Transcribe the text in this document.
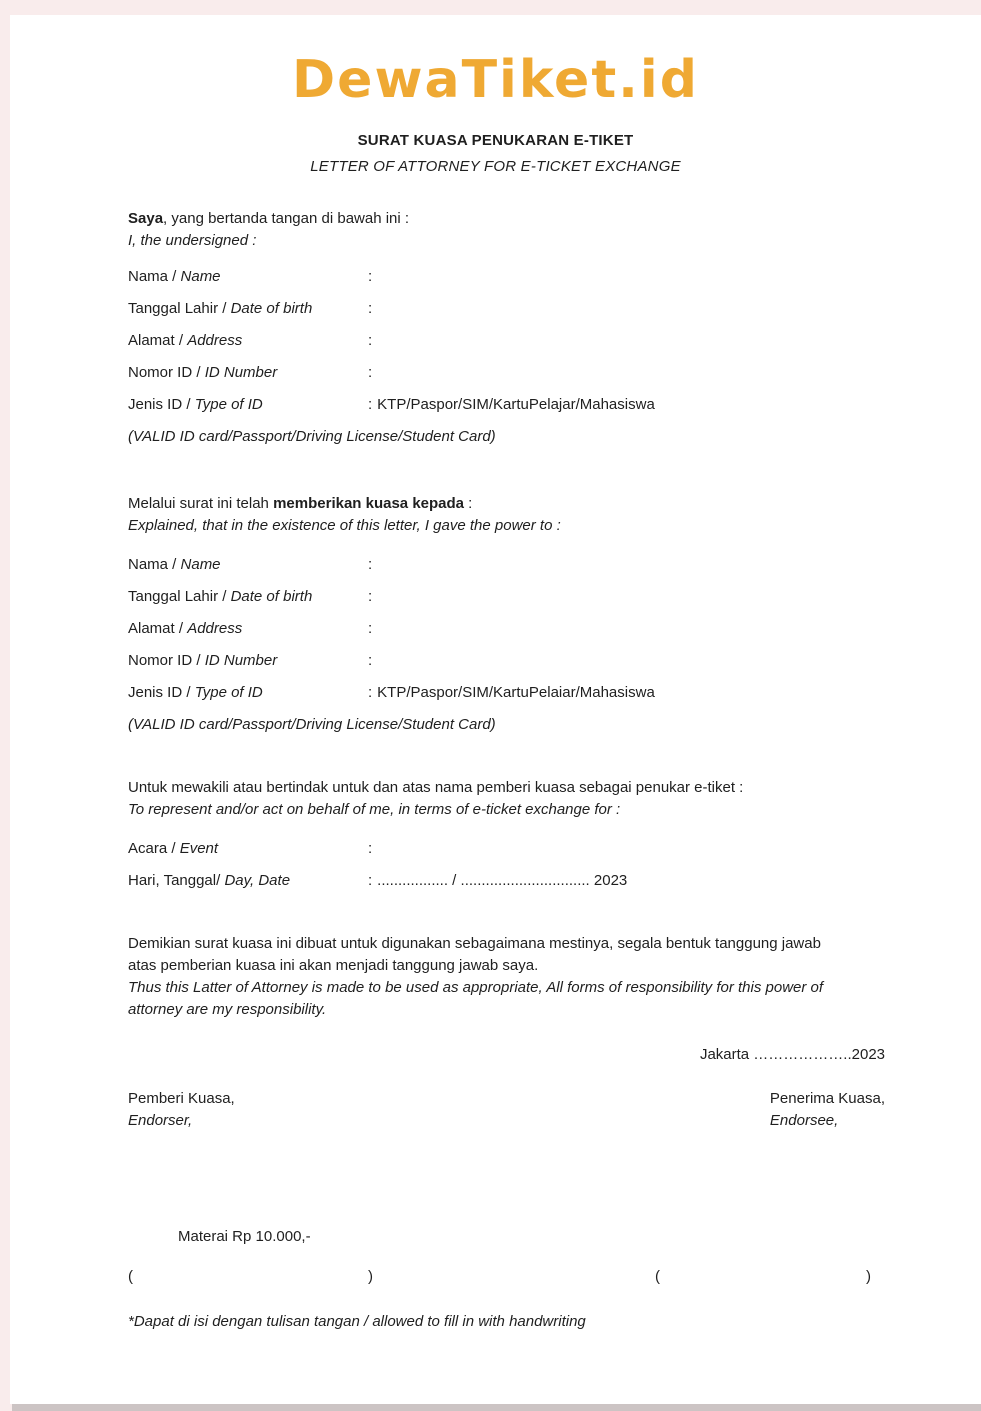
DewaTiket.id
SURAT KUASA PENUKARAN E-TIKET
LETTER OF ATTORNEY FOR E-TICKET EXCHANGE
Saya, yang bertanda tangan di bawah ini :
I, the undersigned :
Nama / Name	:
Tanggal Lahir / Date of birth	:
Alamat / Address	:
Nomor ID / ID Number	:
Jenis ID / Type of ID	: KTP/Paspor/SIM/KartuPelajar/Mahasiswa
(VALID ID card/Passport/Driving License/Student Card)
Melalui surat ini telah memberikan kuasa kepada :
Explained, that in the existence of this letter, I gave the power to :
Nama / Name	:
Tanggal Lahir / Date of birth	:
Alamat / Address	:
Nomor ID / ID Number	:
Jenis ID / Type of ID	: KTP/Paspor/SIM/KartuPelaiar/Mahasiswa
(VALID ID card/Passport/Driving License/Student Card)
Untuk mewakili atau bertindak untuk dan atas nama pemberi kuasa sebagai penukar e-tiket :
To represent and/or act on behalf of me, in terms of e-ticket exchange for :
Acara / Event	:
Hari, Tanggal/ Day, Date	: ................. / ............................... 2023
Demikian surat kuasa ini dibuat untuk digunakan sebagaimana mestinya, segala bentuk tanggung jawab atas pemberian kuasa ini akan menjadi tanggung jawab saya.
Thus this Latter of Attorney is made to be used as appropriate, All forms of responsibility for this power of attorney are my responsibility.
Jakarta ………………..2023
Pemberi Kuasa,
Endorser,
Penerima Kuasa,
Endorsee,
Materai Rp 10.000,-
(	)	(	)
*Dapat di isi dengan tulisan tangan / allowed to fill in with handwriting
